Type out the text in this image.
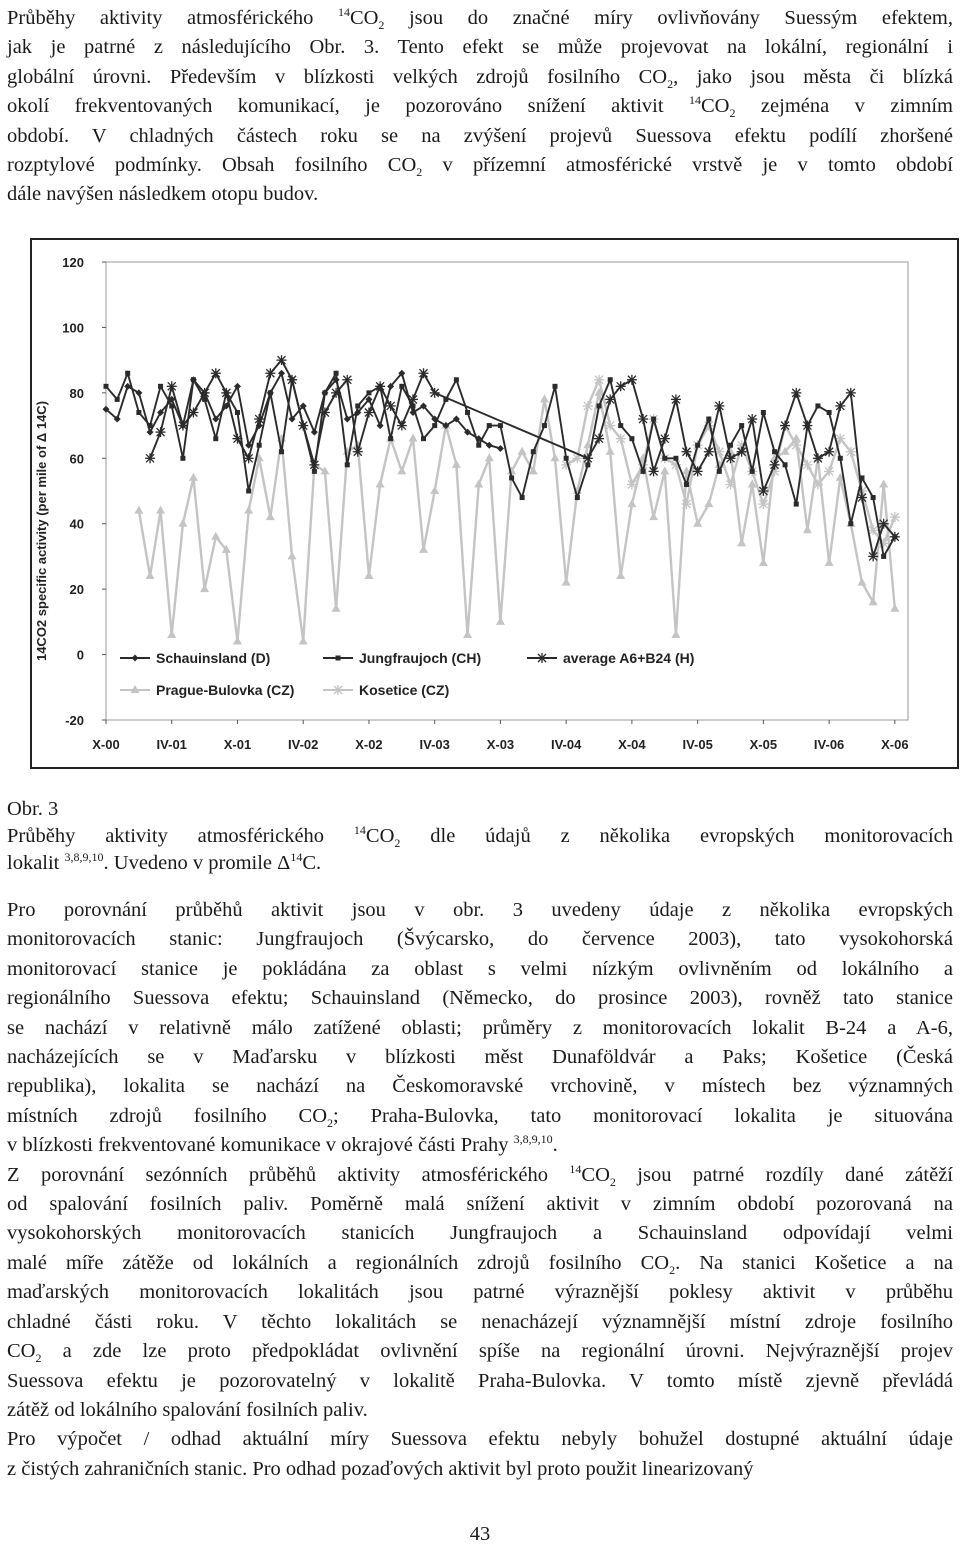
Průběhy aktivity atmosférického $^{14}CO_2$ jsou do značné míry ovlivňovány Suessým efektem,
jak je patrné z následujícího Obr. 3. Tento efekt se může projevovat na lokální, regionální i
globální úrovni. Především v blízkosti velkých zdrojů fosilního $CO_2$, jako jsou města či blízká
okolí frekventovaných komunikací, je pozorováno snížení aktivit $^{14}CO_2$ zejména v zimním
období. V chladných částech roku se na zvýšení projevů Suessova efektu podílí zhoršené
rozptylové podmínky. Obsah fosilního $CO_2$ v přízemní atmosférické vrstvě je v tomto období
dále navýšen následkem otopu budov.
-20
0
20
40
60
80
100
120
X-00	IV-01	X-01	IV-02	X-02	IV-03	X-03	IV-04	X-04	IV-05	X-05	IV-06	X-06
14CO2 specific activity (per mile of Δ 14C)	Schauinsland (D)	Jungfraujoch (CH)	average A6+B24 (H)
Prague-Bulovka (CZ)	Kosetice (CZ)
Obr. 3
Průběhy aktivity atmosférického $^{14}CO_2$ dle údajů z několika evropských monitorovacích
lokalit $^{3,8,9,10}$. Uvedeno v promile $\Delta^{14}C$.
Pro porovnání průběhů aktivit jsou v obr. 3 uvedeny údaje z několika evropských
monitorovacích stanic: Jungfraujoch (Švýcarsko, do července 2003), tato vysokohorská
monitorovací stanice je pokládána za oblast s velmi nízkým ovlivněním od lokálního a
regionálního Suessova efektu; Schauinsland (Německo, do prosince 2003), rovněž tato stanice
se nachází v relativně málo zatížené oblasti; průměry z monitorovacích lokalit B-24 a A-6,
nacházejících se v Maďarsku v blízkosti měst Dunaföldvár a Paks; Košetice (Česká
republika), lokalita se nachází na Českomoravské vrchovině, v místech bez významných
místních zdrojů fosilního $CO_2$; Praha-Bulovka, tato monitorovací lokalita je situována
v blízkosti frekventované komunikace v okrajové části Prahy $^{3,8,9,10}$.
Z porovnání sezónních průběhů aktivity atmosférického $^{14}CO_2$ jsou patrné rozdíly dané zátěží
od spalování fosilních paliv. Poměrně malá snížení aktivit v zimním období pozorovaná na
vysokohorských monitorovacích stanicích Jungfraujoch a Schauinsland odpovídají velmi
malé míře zátěže od lokálních a regionálních zdrojů fosilního $CO_2$. Na stanici Košetice a na
maďarských monitorovacích lokalitách jsou patrné výraznější poklesy aktivit v průběhu
chladné části roku. V těchto lokalitách se nenacházejí významnější místní zdroje fosilního
$CO_2$ a zde lze proto předpokládat ovlivnění spíše na regionální úrovni. Nejvýraznější projev
Suessova efektu je pozorovatelný v lokalitě Praha-Bulovka. V tomto místě zjevně převládá
zátěž od lokálního spalování fosilních paliv.
Pro výpočet / odhad aktuální míry Suessova efektu nebyly bohužel dostupné aktuální údaje
z čistých zahraničních stanic. Pro odhad pozaďových aktivit byl proto použit linearizovaný
43
